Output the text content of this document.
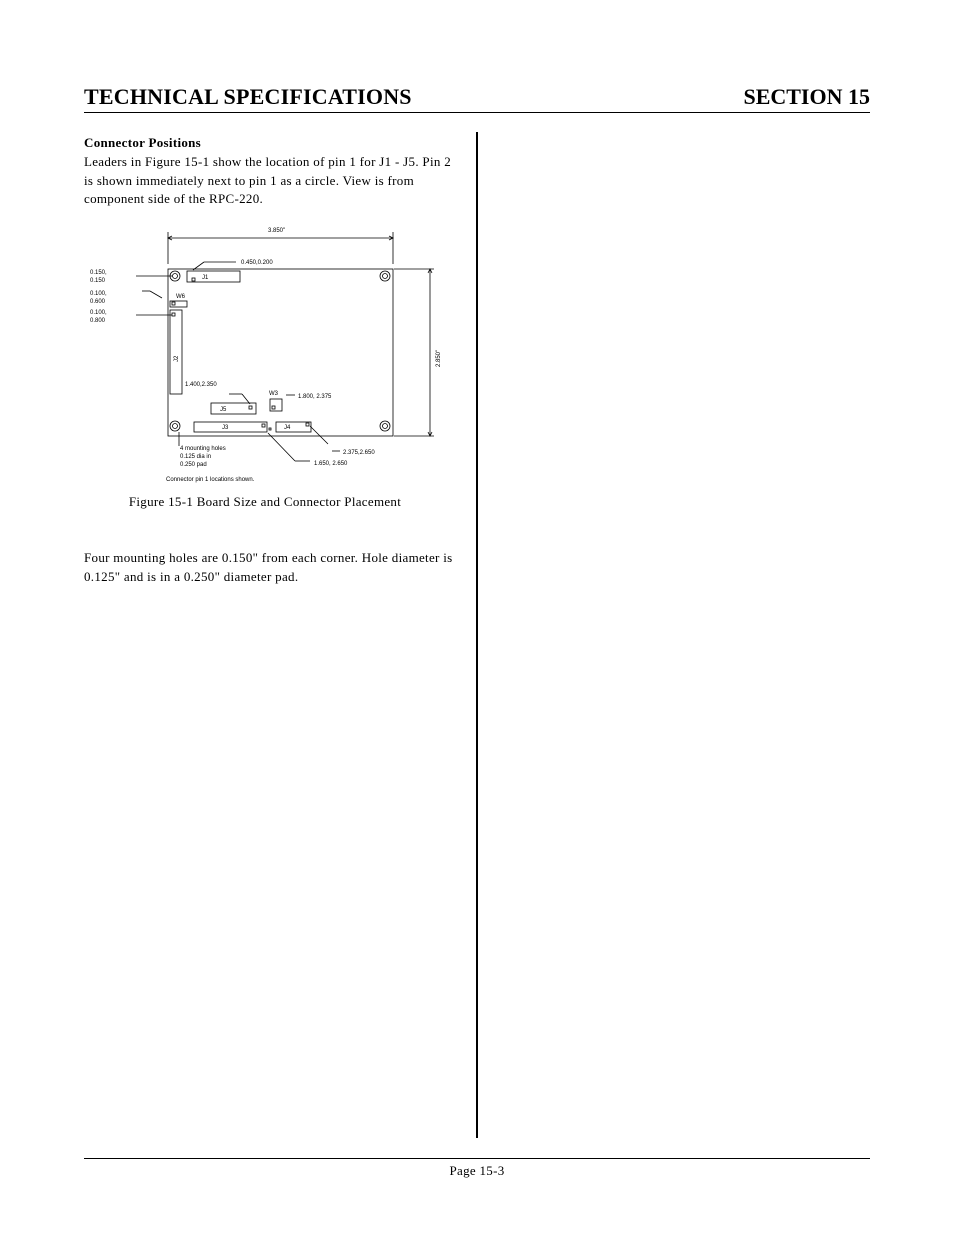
TECHNICAL SPECIFICATIONS	SECTION 15
Connector Positions
Leaders in Figure 15-1 show the location of pin 1 for J1 - J5. Pin 2 is shown immediately next to pin 1 as a circle. View is from component side of the RPC-220.
3.850"
2.850"
J1
0.450,0.200
W6
J2
0.150,
0.150
0.100,
0.600
0.100,
0.800
1.400,2.350
J5
W3	1.800, 2.375
J3	J4
2.375,2.650
1.650, 2.650
4 mounting holes
0.125 dia in
0.250 pad
Connector pin 1 locations shown.
Figure 15-1 Board Size and Connector Placement
Four mounting holes are 0.150" from each corner. Hole diameter is 0.125" and is in a 0.250" diameter pad.
Page 15-3
